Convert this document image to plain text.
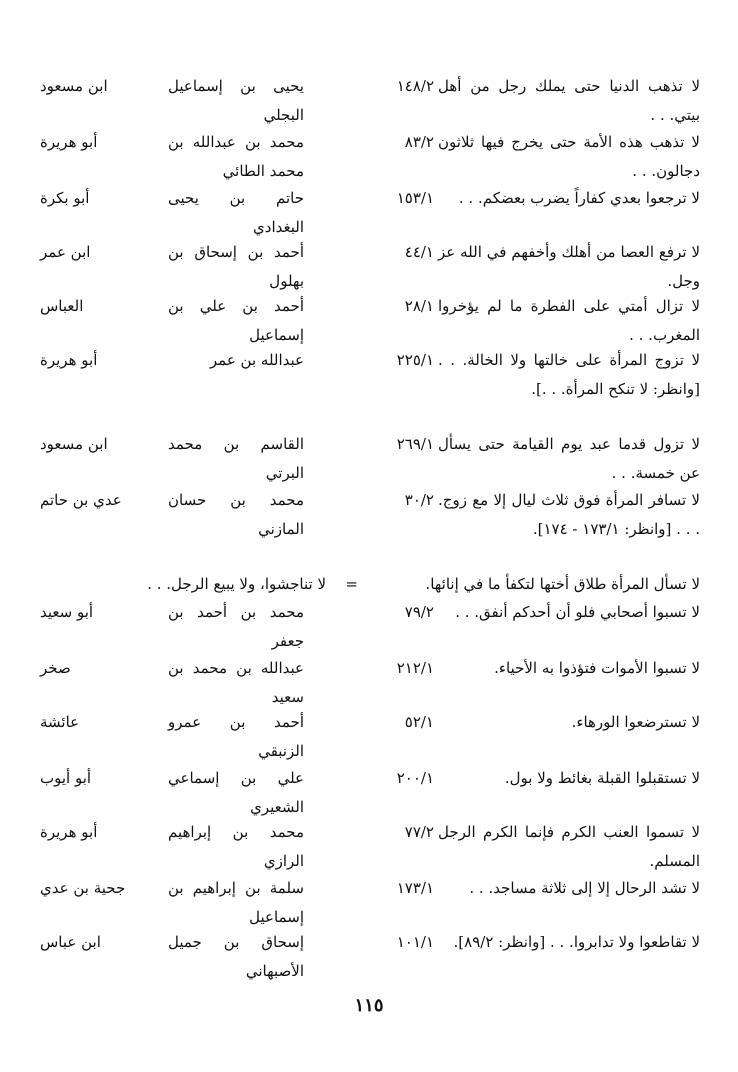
لا تذهب الدنيا حتى يملك رجل من أهل بيتي. . .
١٤٨/٢
يحيى بن إسماعيل البجلي
ابن مسعود
لا تذهب هذه الأمة حتى يخرج فيها ثلاثون دجالون. . .
٨٣/٢
محمد بن عبدالله بن محمد الطائي
أبو هريرة
لا ترجعوا بعدي كفاراً يضرب بعضكم. . .
١٥٣/١
حاتم بن يحيى البغدادي
أبو بكرة
لا ترفع العصا من أهلك وأخفهم في الله عز وجل.
٤٤/١
أحمد بن إسحاق بن بهلول
ابن عمر
لا تزال أمتي على الفطرة ما لم يؤخروا المغرب. . .
٢٨/١
أحمد بن علي بن إسماعيل
العباس
لا تزوج المرأة على خالتها ولا الخالة. . . [وانظر: لا تنكح المرأة. . .].
٢٢٥/١
عبدالله بن عمر
أبو هريرة
لا تزول قدما عبد يوم القيامة حتى يسأل عن خمسة. . .
٢٦٩/١
القاسم بن محمد البرتي
ابن مسعود
لا تسافر المرأة فوق ثلاث ليال إلا مع زوج. . . . [وانظر: ١٧٣/١ - ١٧٤].
٣٠/٢
محمد بن حسان المازني
عدي بن حاتم
لا تسأل المرأة طلاق أختها لتكفأ ما في إنائها.
=
لا تناجشوا، ولا يبيع الرجل. . .
لا تسبوا أصحابي فلو أن أحدكم أنفق. . .
٧٩/٢
محمد بن أحمد بن جعفر
أبو سعيد
لا تسبوا الأموات فتؤذوا به الأحياء.
٢١٢/١
عبدالله بن محمد بن سعيد
صخر
لا تسترضعوا الورهاء.
٥٢/١
أحمد بن عمرو الزنبقي
عائشة
لا تستقبلوا القبلة بغائط ولا بول.
٢٠٠/١
علي بن إسماعي الشعيري
أبو أيوب
لا تسموا العنب الكرم فإنما الكرم الرجل المسلم.
٧٧/٢
محمد بن إبراهيم الرازي
أبو هريرة
لا تشد الرحال إلا إلى ثلاثة مساجد. . .
١٧٣/١
سلمة بن إبراهيم بن إسماعيل
جحية بن عدي
لا تقاطعوا ولا تدابروا. . . [وانظر: ٨٩/٢].
١٠١/١
إسحاق بن جميل الأصبهاني
ابن عباس
١١٥
